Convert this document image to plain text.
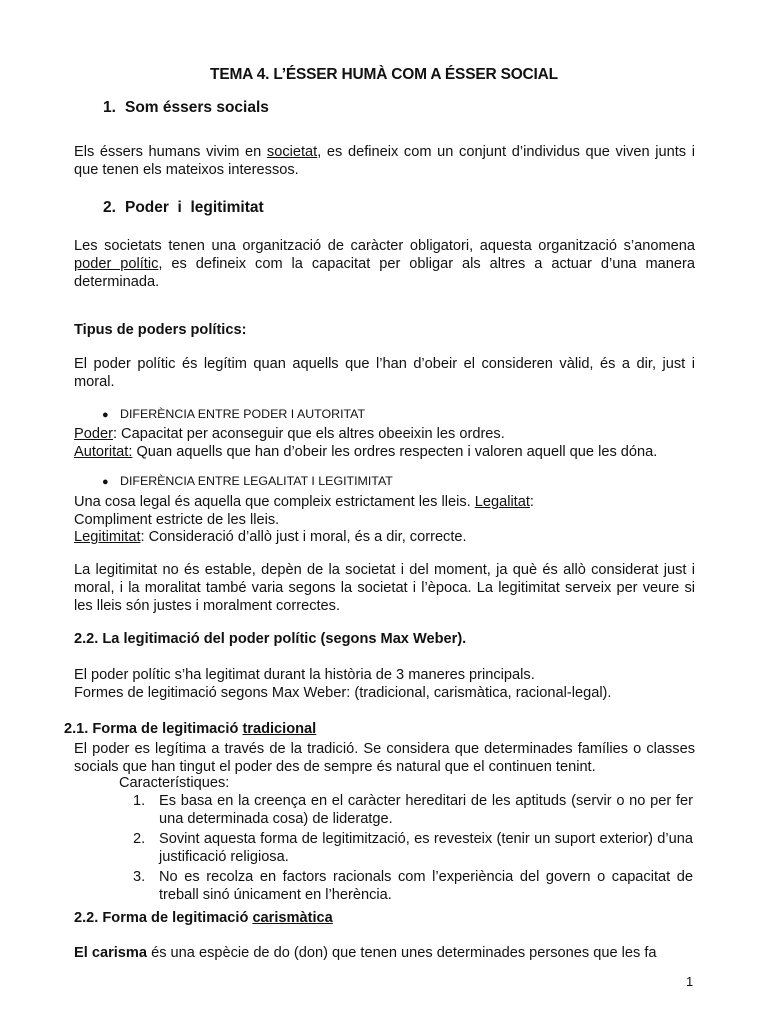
TEMA 4. L’ÉSSER HUMÀ COM A ÉSSER SOCIAL
1. Som éssers socials
Els éssers humans vivim en societat, es defineix com un conjunt d’individus que viven junts i que tenen els mateixos interessos.
2. Poder  i  legitimitat
Les societats tenen una organització de caràcter obligatori, aquesta organització s’anomena poder polític, es defineix com la capacitat per obligar als altres a actuar d’una manera determinada.
Tipus de poders polítics:
El poder polític és legítim quan aquells que l’han d’obeir el consideren vàlid, és a dir, just i moral.
● DIFERÈNCIA ENTRE PODER I AUTORITAT
Poder: Capacitat per aconseguir que els altres obeeixin les ordres.
Autoritat: Quan aquells que han d’obeir les ordres respecten i valoren aquell que les dóna.
● DIFERÈNCIA ENTRE LEGALITAT I LEGITIMITAT
Una cosa legal és aquella que compleix estrictament les lleis. Legalitat:
Compliment estricte de les lleis.
Legitimitat: Consideració d’allò just i moral, és a dir, correcte.
La legitimitat no és estable, depèn de la societat i del moment, ja què és allò considerat just i moral, i la moralitat també varia segons la societat i l’època. La legitimitat serveix per veure si les lleis són justes i moralment correctes.
2.2. La legitimació del poder polític (segons Max Weber).
El poder polític s’ha legitimat durant la història de 3 maneres principals.
Formes de legitimació segons Max Weber: (tradicional, carismàtica, racional-legal).
2.1. Forma de legitimació tradicional
El poder es legítima a través de la tradició. Se considera que determinades famílies o classes socials que han tingut el poder des de sempre és natural que el continuen tenint.
Característiques:
1. Es basa en la creença en el caràcter hereditari de les aptituds (servir o no per fer una determinada cosa) de lideratge.
2. Sovint aquesta forma de legitimització, es revesteix (tenir un suport exterior) d’una justificació religiosa.
3. No es recolza en factors racionals com l’experiència del govern o capacitat de treball sinó únicament en l’herència.
2.2. Forma de legitimació carismàtica
El carisma és una espècie de do (don) que tenen unes determinades persones que les fa
1
